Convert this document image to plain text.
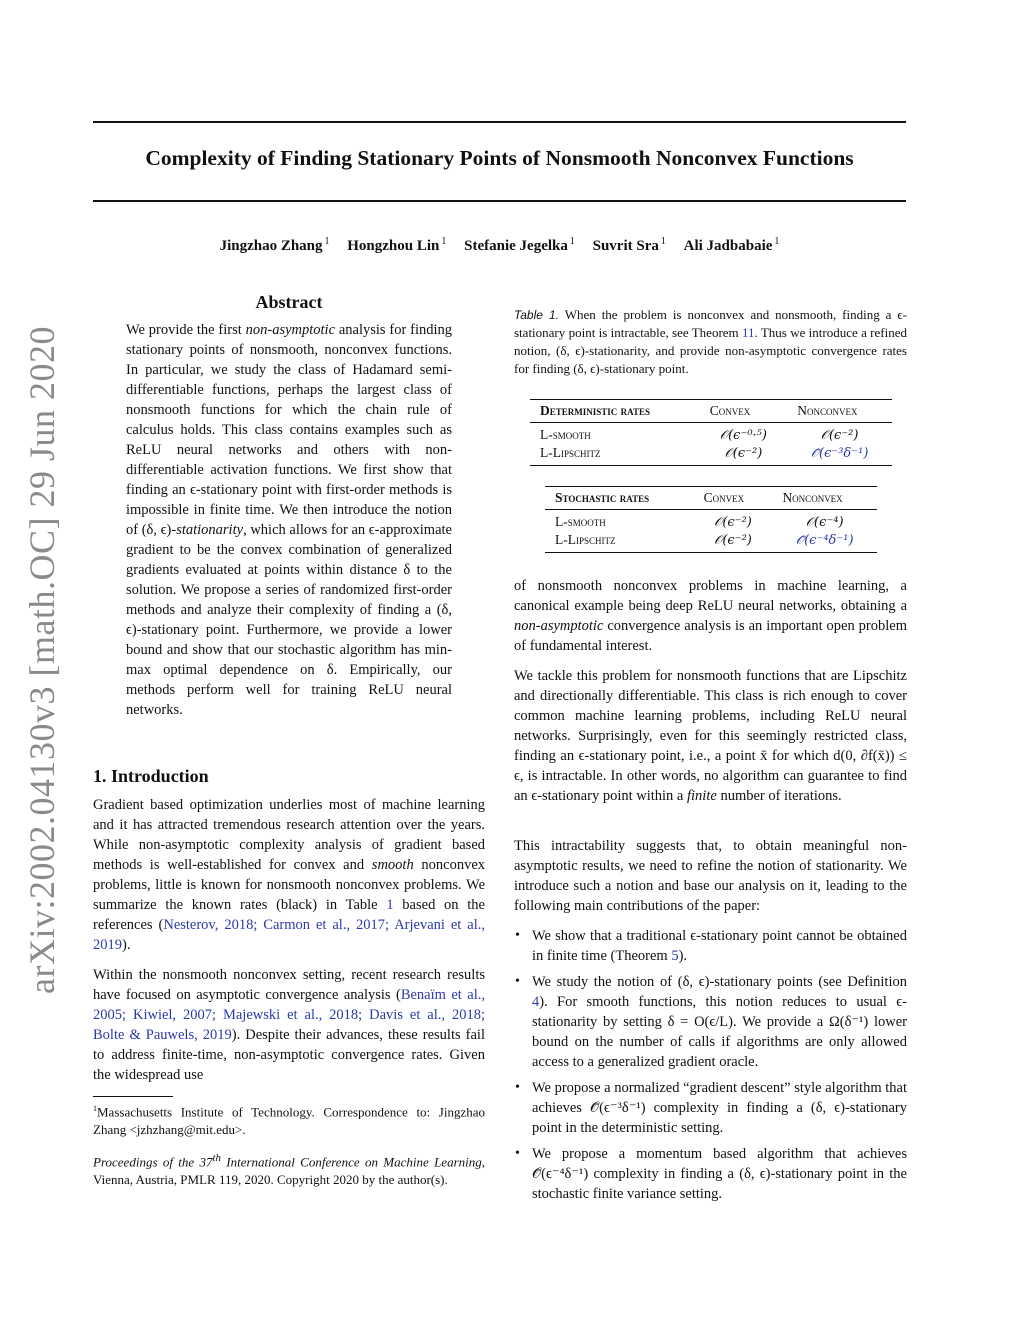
arXiv:2002.04130v3 [math.OC] 29 Jun 2020
Complexity of Finding Stationary Points of Nonsmooth Nonconvex Functions
Jingzhao Zhang $^1$ Hongzhou Lin $^1$ Stefanie Jegelka $^1$ Suvrit Sra $^1$ Ali Jadbabaie $^1$
Abstract
We provide the first non-asymptotic analysis for finding stationary points of nonsmooth, nonconvex functions. In particular, we study the class of Hadamard semi-differentiable functions, perhaps the largest class of nonsmooth functions for which the chain rule of calculus holds. This class contains examples such as ReLU neural networks and others with non-differentiable activation functions. We first show that finding an ϵ-stationary point with first-order methods is impossible in finite time. We then introduce the notion of (δ, ϵ)-stationarity, which allows for an ϵ-approximate gradient to be the convex combination of generalized gradients evaluated at points within distance δ to the solution. We propose a series of randomized first-order methods and analyze their complexity of finding a (δ, ϵ)-stationary point. Furthermore, we provide a lower bound and show that our stochastic algorithm has min-max optimal dependence on δ. Empirically, our methods perform well for training ReLU neural networks.
1. Introduction
Gradient based optimization underlies most of machine learning and it has attracted tremendous research attention over the years. While non-asymptotic complexity analysis of gradient based methods is well-established for convex and smooth nonconvex problems, little is known for nonsmooth nonconvex problems. We summarize the known rates (black) in Table 1 based on the references (Nesterov, 2018; Carmon et al., 2017; Arjevani et al., 2019).
Within the nonsmooth nonconvex setting, recent research results have focused on asymptotic convergence analysis (Benaïm et al., 2005; Kiwiel, 2007; Majewski et al., 2018; Davis et al., 2018; Bolte & Pauwels, 2019). Despite their advances, these results fail to address finite-time, non-asymptotic convergence rates. Given the widespread use
$^1$Massachusetts Institute of Technology. Correspondence to: Jingzhao Zhang <jzhzhang@mit.edu>.
Proceedings of the 37th International Conference on Machine Learning, Vienna, Austria, PMLR 119, 2020. Copyright 2020 by the author(s).
Table 1. When the problem is nonconvex and nonsmooth, finding a ϵ-stationary point is intractable, see Theorem 11. Thus we introduce a refined notion, (δ, ϵ)-stationarity, and provide non-asymptotic convergence rates for finding (δ, ϵ)-stationary point.
Deterministic rates	Convex	Nonconvex
L-smooth	𝒪(ϵ⁻⁰·⁵)	𝒪(ϵ⁻²)
L-Lipschitz	𝒪(ϵ⁻²)	𝒪̃(ϵ⁻³δ⁻¹)
Stochastic rates	Convex	Nonconvex
L-smooth	𝒪(ϵ⁻²)	𝒪(ϵ⁻⁴)
L-Lipschitz	𝒪(ϵ⁻²)	𝒪̃(ϵ⁻⁴δ⁻¹)
of nonsmooth nonconvex problems in machine learning, a canonical example being deep ReLU neural networks, obtaining a non-asymptotic convergence analysis is an important open problem of fundamental interest.
We tackle this problem for nonsmooth functions that are Lipschitz and directionally differentiable. This class is rich enough to cover common machine learning problems, including ReLU neural networks. Surprisingly, even for this seemingly restricted class, finding an ϵ-stationary point, i.e., a point x̄ for which d(0, ∂f(x̄)) ≤ ϵ, is intractable. In other words, no algorithm can guarantee to find an ϵ-stationary point within a finite number of iterations.
This intractability suggests that, to obtain meaningful non-asymptotic results, we need to refine the notion of stationarity. We introduce such a notion and base our analysis on it, leading to the following main contributions of the paper:
• We show that a traditional ϵ-stationary point cannot be obtained in finite time (Theorem 5).
• We study the notion of (δ, ϵ)-stationary points (see Definition 4). For smooth functions, this notion reduces to usual ϵ-stationarity by setting δ = O(ϵ/L). We provide a Ω(δ⁻¹) lower bound on the number of calls if algorithms are only allowed access to a generalized gradient oracle.
• We propose a normalized “gradient descent” style algorithm that achieves 𝒪̃(ϵ⁻³δ⁻¹) complexity in finding a (δ, ϵ)-stationary point in the deterministic setting.
• We propose a momentum based algorithm that achieves 𝒪̃(ϵ⁻⁴δ⁻¹) complexity in finding a (δ, ϵ)-stationary point in the stochastic finite variance setting.
